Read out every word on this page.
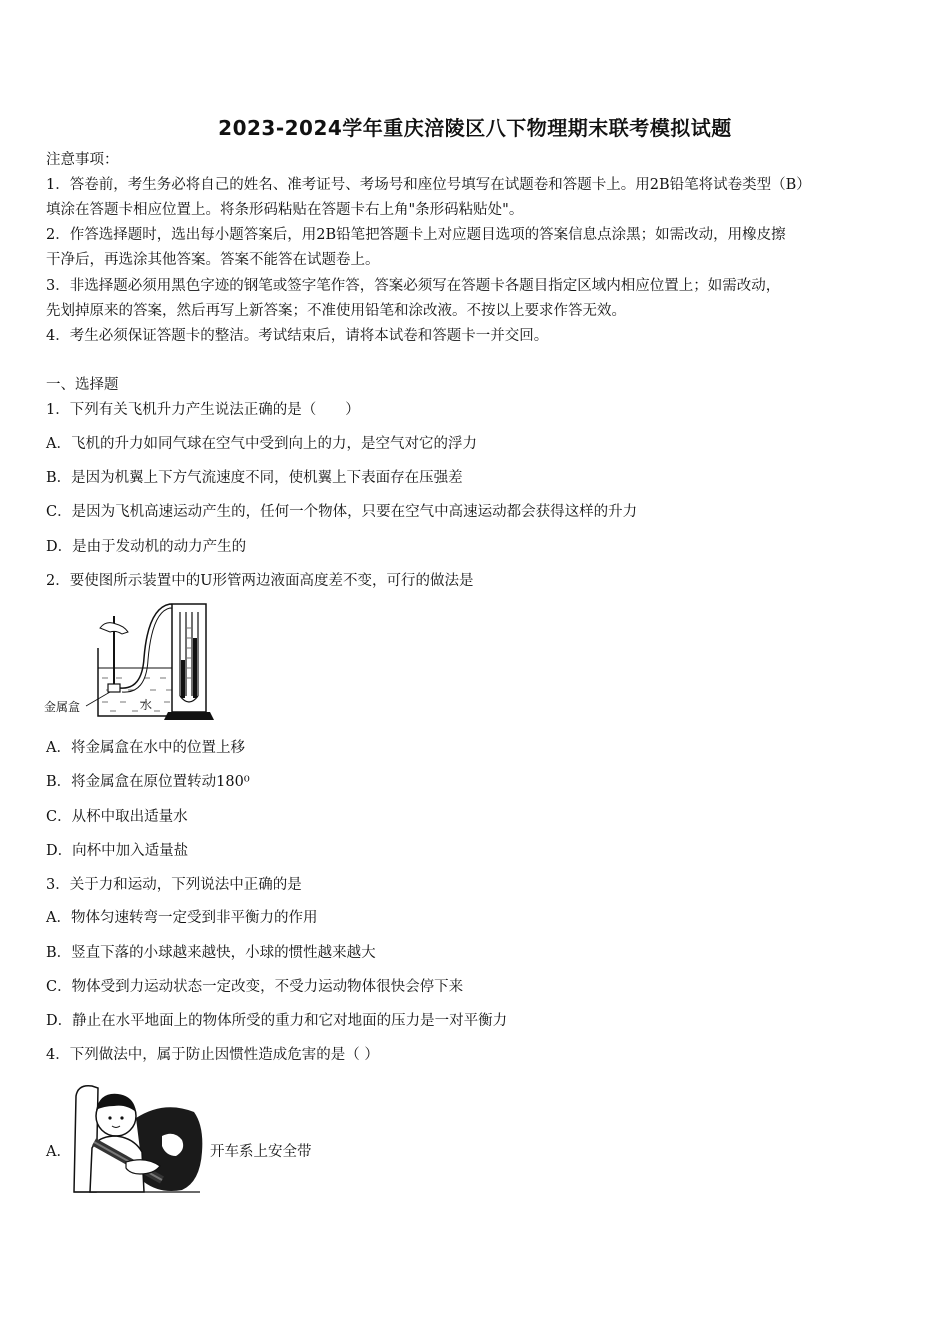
2023-2024学年重庆涪陵区八下物理期末联考模拟试题
注意事项：
1．答卷前，考生务必将自己的姓名、准考证号、考场号和座位号填写在试题卷和答题卡上。用2B铅笔将试卷类型（B）
填涂在答题卡相应位置上。将条形码粘贴在答题卡右上角"条形码粘贴处"。
2．作答选择题时，选出每小题答案后，用2B铅笔把答题卡上对应题目选项的答案信息点涂黑；如需改动，用橡皮擦
干净后，再选涂其他答案。答案不能答在试题卷上。
3．非选择题必须用黑色字迹的钢笔或签字笔作答，答案必须写在答题卡各题目指定区域内相应位置上；如需改动，
先划掉原来的答案，然后再写上新答案；不准使用铅笔和涂改液。不按以上要求作答无效。
4．考生必须保证答题卡的整洁。考试结束后，请将本试卷和答题卡一并交回。
一、选择题
1．下列有关飞机升力产生说法正确的是（　　）
A．飞机的升力如同气球在空气中受到向上的力，是空气对它的浮力
B．是因为机翼上下方气流速度不同，使机翼上下表面存在压强差
C．是因为飞机高速运动产生的，任何一个物体，只要在空气中高速运动都会获得这样的升力
D．是由于发动机的动力产生的
2．要使图所示装置中的U形管两边液面高度差不变，可行的做法是
金属盒	水
A．将金属盒在水中的位置上移
B．将金属盒在原位置转动180⁰
C．从杯中取出适量水
D．向杯中加入适量盐
3．关于力和运动，下列说法中正确的是
A．物体匀速转弯一定受到非平衡力的作用
B．竖直下落的小球越来越快，小球的惯性越来越大
C．物体受到力运动状态一定改变，不受力运动物体很快会停下来
D．静止在水平地面上的物体所受的重力和它对地面的压力是一对平衡力
4．下列做法中，属于防止因惯性造成危害的是（ ）
A．	开车系上安全带
